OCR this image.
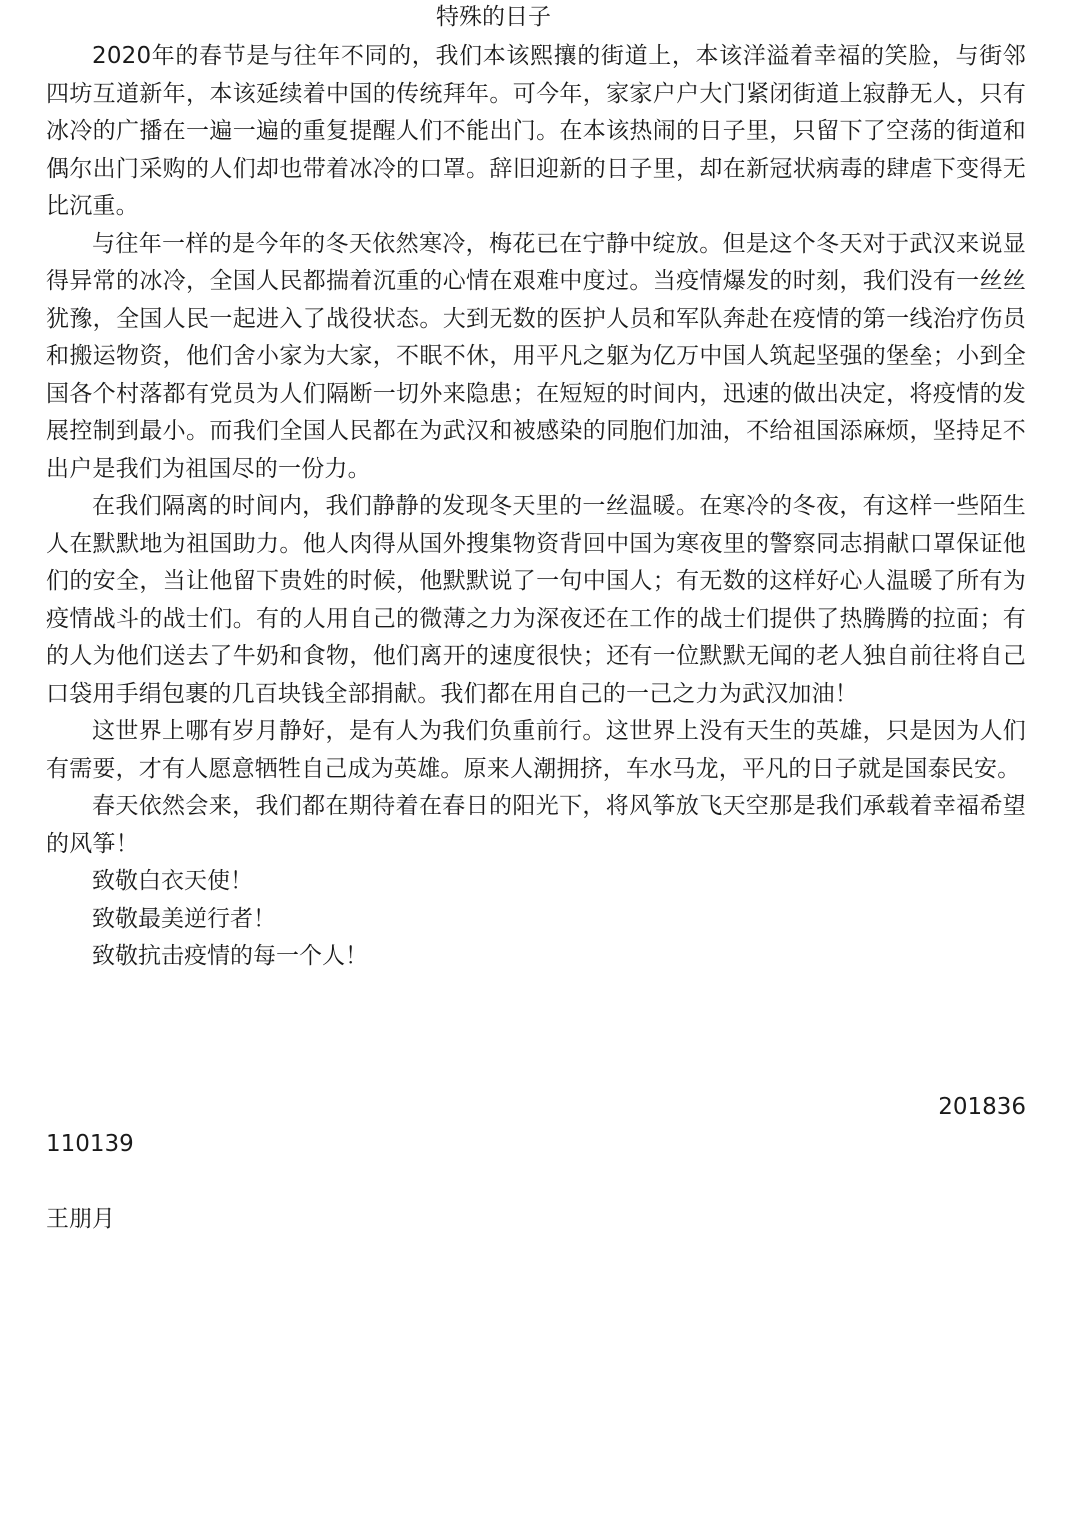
特殊的日子

2020年的春节是与往年不同的，我们本该熙攘的街道上，本该洋溢着幸福的笑脸，与街邻四坊互道新年，本该延续着中国的传统拜年。可今年，家家户户大门紧闭街道上寂静无人，只有冰冷的广播在一遍一遍的重复提醒人们不能出门。在本该热闹的日子里，只留下了空荡的街道和偶尔出门采购的人们却也带着冰冷的口罩。辞旧迎新的日子里，却在新冠状病毒的肆虐下变得无比沉重。

与往年一样的是今年的冬天依然寒冷，梅花已在宁静中绽放。但是这个冬天对于武汉来说显得异常的冰冷，全国人民都揣着沉重的心情在艰难中度过。当疫情爆发的时刻，我们没有一丝丝犹豫，全国人民一起进入了战役状态。大到无数的医护人员和军队奔赴在疫情的第一线治疗伤员和搬运物资，他们舍小家为大家，不眠不休，用平凡之躯为亿万中国人筑起坚强的堡垒；小到全国各个村落都有党员为人们隔断一切外来隐患；在短短的时间内，迅速的做出决定，将疫情的发展控制到最小。而我们全国人民都在为武汉和被感染的同胞们加油，不给祖国添麻烦，坚持足不出户是我们为祖国尽的一份力。

在我们隔离的时间内，我们静静的发现冬天里的一丝温暖。在寒冷的冬夜，有这样一些陌生人在默默地为祖国助力。他人肉得从国外搜集物资背回中国为寒夜里的警察同志捐献口罩保证他们的安全，当让他留下贵姓的时候，他默默说了一句中国人；有无数的这样好心人温暖了所有为疫情战斗的战士们。有的人用自己的微薄之力为深夜还在工作的战士们提供了热腾腾的拉面；有的人为他们送去了牛奶和食物，他们离开的速度很快；还有一位默默无闻的老人独自前往将自己口袋用手绢包裹的几百块钱全部捐献。我们都在用自己的一己之力为武汉加油！

这世界上哪有岁月静好，是有人为我们负重前行。这世界上没有天生的英雄，只是因为人们有需要，才有人愿意牺牲自己成为英雄。原来人潮拥挤，车水马龙，平凡的日子就是国泰民安。

春天依然会来，我们都在期待着在春日的阳光下，将风筝放飞天空那是我们承载着幸福希望的风筝！

致敬白衣天使！

致敬最美逆行者！

致敬抗击疫情的每一个人！

201836
110139
王朋月
